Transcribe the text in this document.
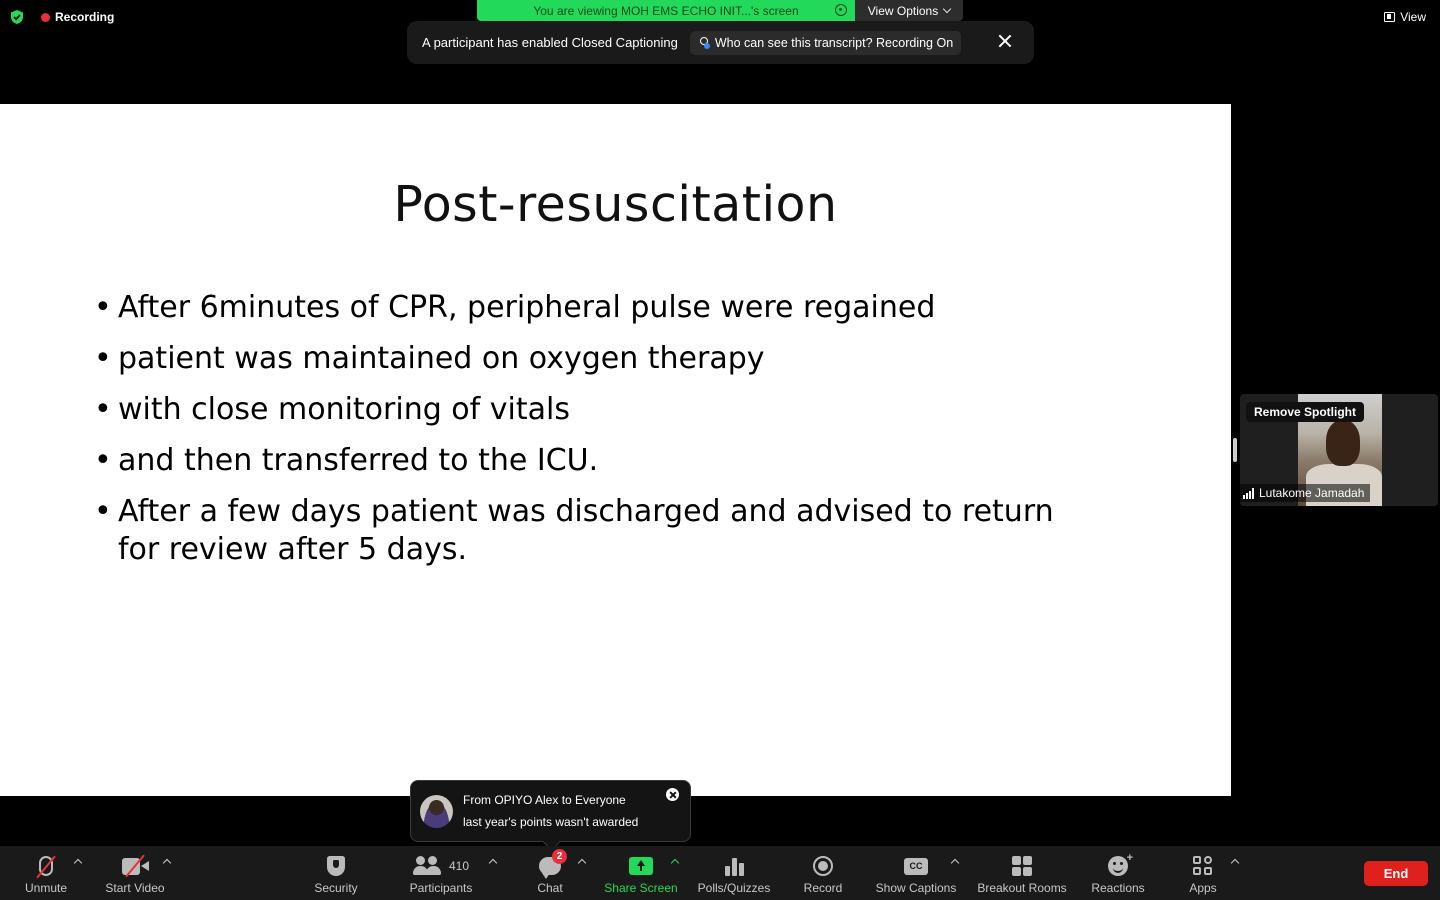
Recording	You are viewing MOH EMS ECHO INIT...'s screen	View Options	View
A participant has enabled Closed Captioning	Who can see this transcript? Recording On
Post-resuscitation
• After 6minutes of CPR, peripheral pulse were regained
• patient was maintained on oxygen therapy
• with close monitoring of vitals
• and then transferred to the ICU.
• After a few days patient was discharged and advised to return for review after 5 days.
Remove Spotlight
Lutakome Jamadah
From OPIYO Alex to Everyone
last year's points wasn't awarded
Unmute	Start Video	Security
410
Participants
2
Chat	Share Screen Polls/Quizzes	Record
CC
Show Captions Breakout Rooms
+
Reactions	Apps
End
